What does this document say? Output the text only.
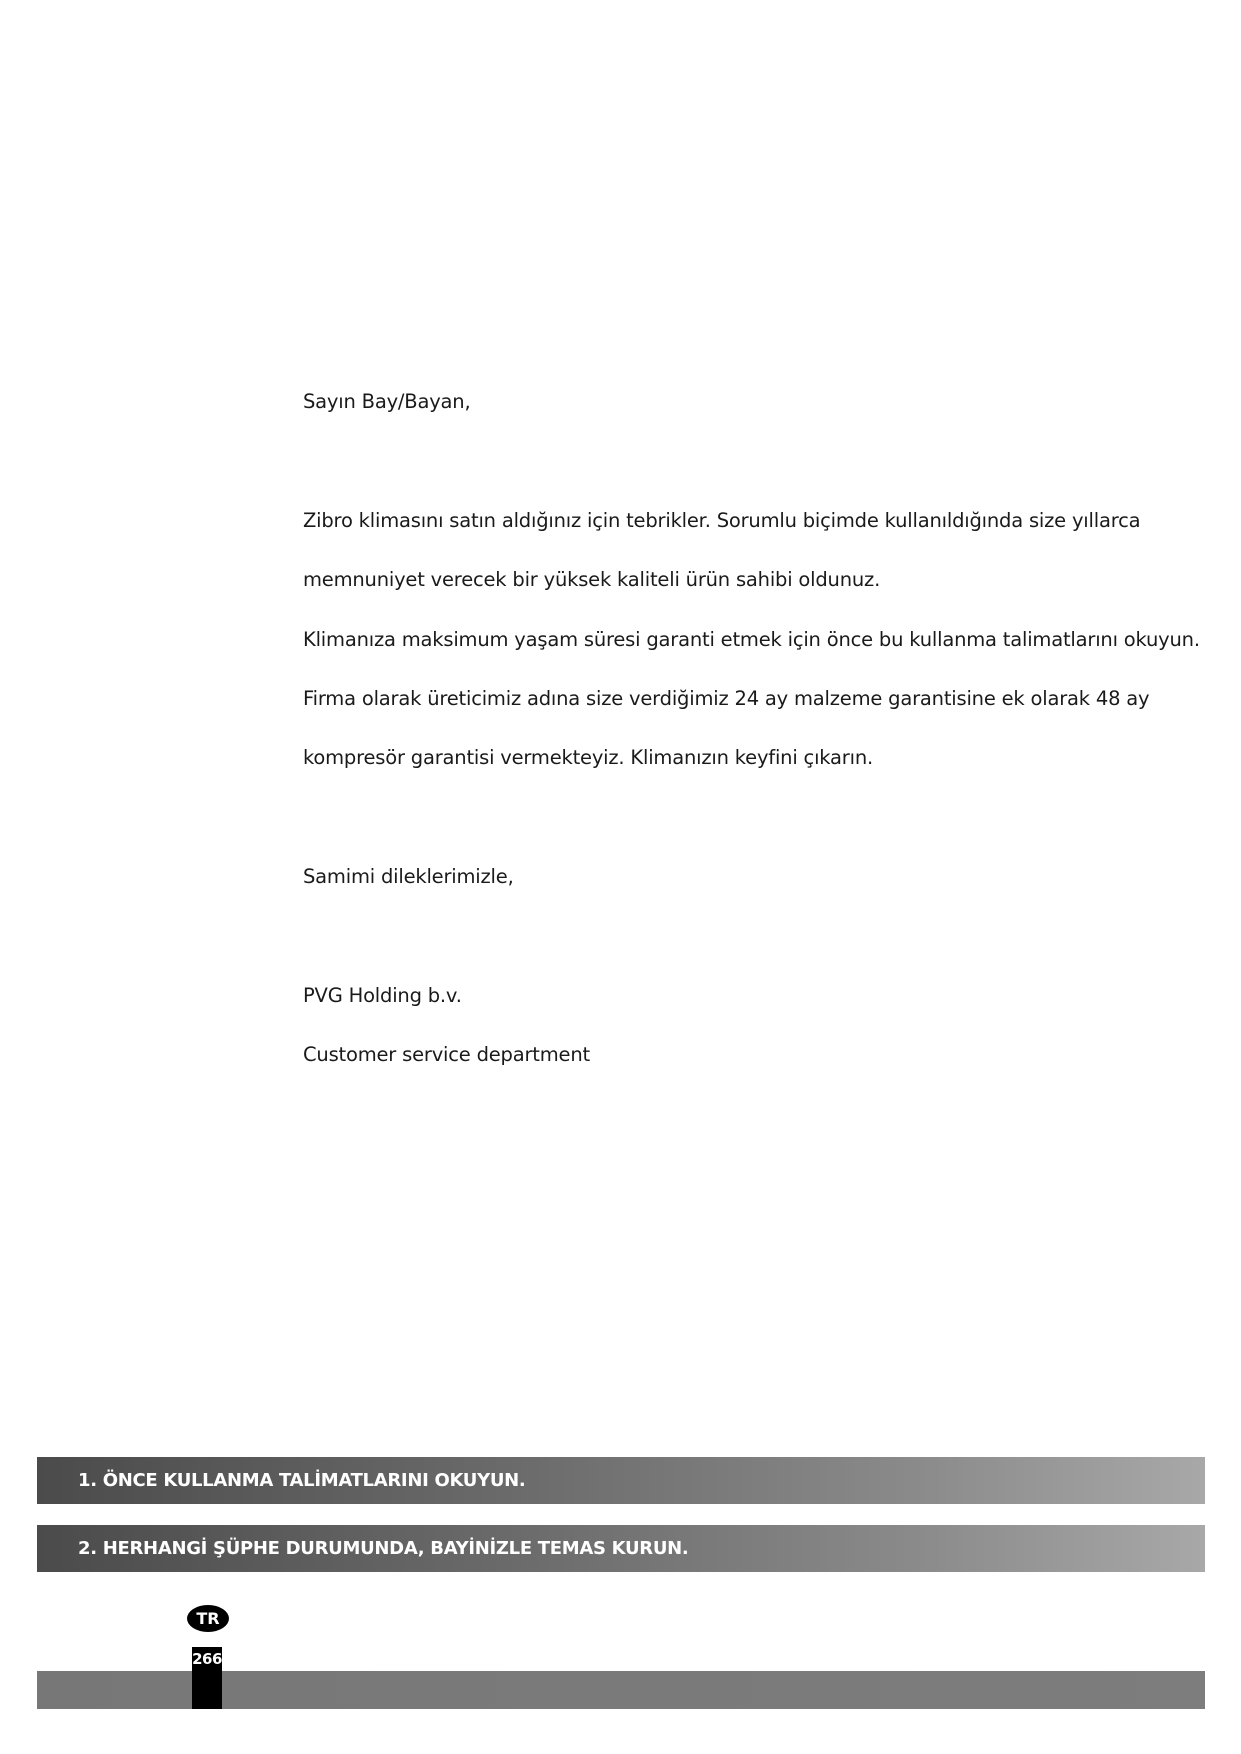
Sayın Bay/Bayan,
Zibro klimasını satın aldığınız için tebrikler. Sorumlu biçimde kullanıldığında size yıllarca
memnuniyet verecek bir yüksek kaliteli ürün sahibi oldunuz.
Klimanıza maksimum yaşam süresi garanti etmek için önce bu kullanma talimatlarını okuyun.
Firma olarak üreticimiz adına size verdiğimiz 24 ay malzeme garantisine ek olarak 48 ay
kompresör garantisi vermekteyiz. Klimanızın keyfini çıkarın.
Samimi dileklerimizle,
PVG Holding b.v.
Customer service department
1. ÖNCE KULLANMA TALİMATLARINI OKUYUN.
2. HERHANGİ ŞÜPHE DURUMUNDA, BAYİNİZLE TEMAS KURUN.
TR
266
